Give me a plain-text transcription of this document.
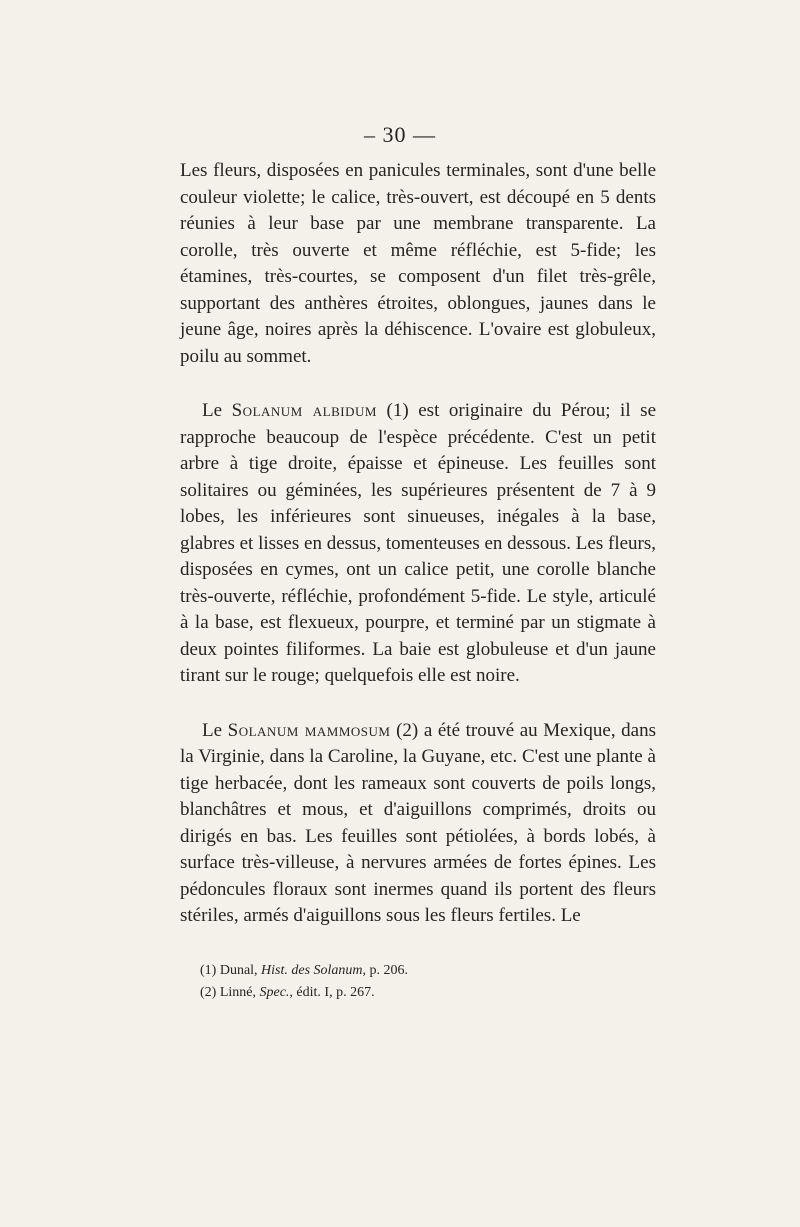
– 30 —

Les fleurs, disposées en panicules terminales, sont d'une belle couleur violette; le calice, très-ouvert, est découpé en 5 dents réunies à leur base par une membrane transparente. La corolle, très ouverte et même réfléchie, est 5-fide; les étamines, très-courtes, se composent d'un filet très-grêle, supportant des anthères étroites, oblongues, jaunes dans le jeune âge, noires après la déhiscence. L'ovaire est globuleux, poilu au sommet.

Le Solanum albidum (1) est originaire du Pérou; il se rapproche beaucoup de l'espèce précédente. C'est un petit arbre à tige droite, épaisse et épineuse. Les feuilles sont solitaires ou géminées, les supérieures présentent de 7 à 9 lobes, les inférieures sont sinueuses, inégales à la base, glabres et lisses en dessus, tomenteuses en dessous. Les fleurs, disposées en cymes, ont un calice petit, une corolle blanche très-ouverte, réfléchie, profondément 5-fide. Le style, articulé à la base, est flexueux, pourpre, et terminé par un stigmate à deux pointes filiformes. La baie est globuleuse et d'un jaune tirant sur le rouge; quelquefois elle est noire.

Le Solanum mammosum (2) a été trouvé au Mexique, dans la Virginie, dans la Caroline, la Guyane, etc. C'est une plante à tige herbacée, dont les rameaux sont couverts de poils longs, blanchâtres et mous, et d'aiguillons comprimés, droits ou dirigés en bas. Les feuilles sont pétiolées, à bords lobés, à surface très-villeuse, à nervures armées de fortes épines. Les pédoncules floraux sont inermes quand ils portent des fleurs stériles, armés d'aiguillons sous les fleurs fertiles. Le

(1) Dunal, Hist. des Solanum, p. 206.

(2) Linné, Spec., édit. I, p. 267.
